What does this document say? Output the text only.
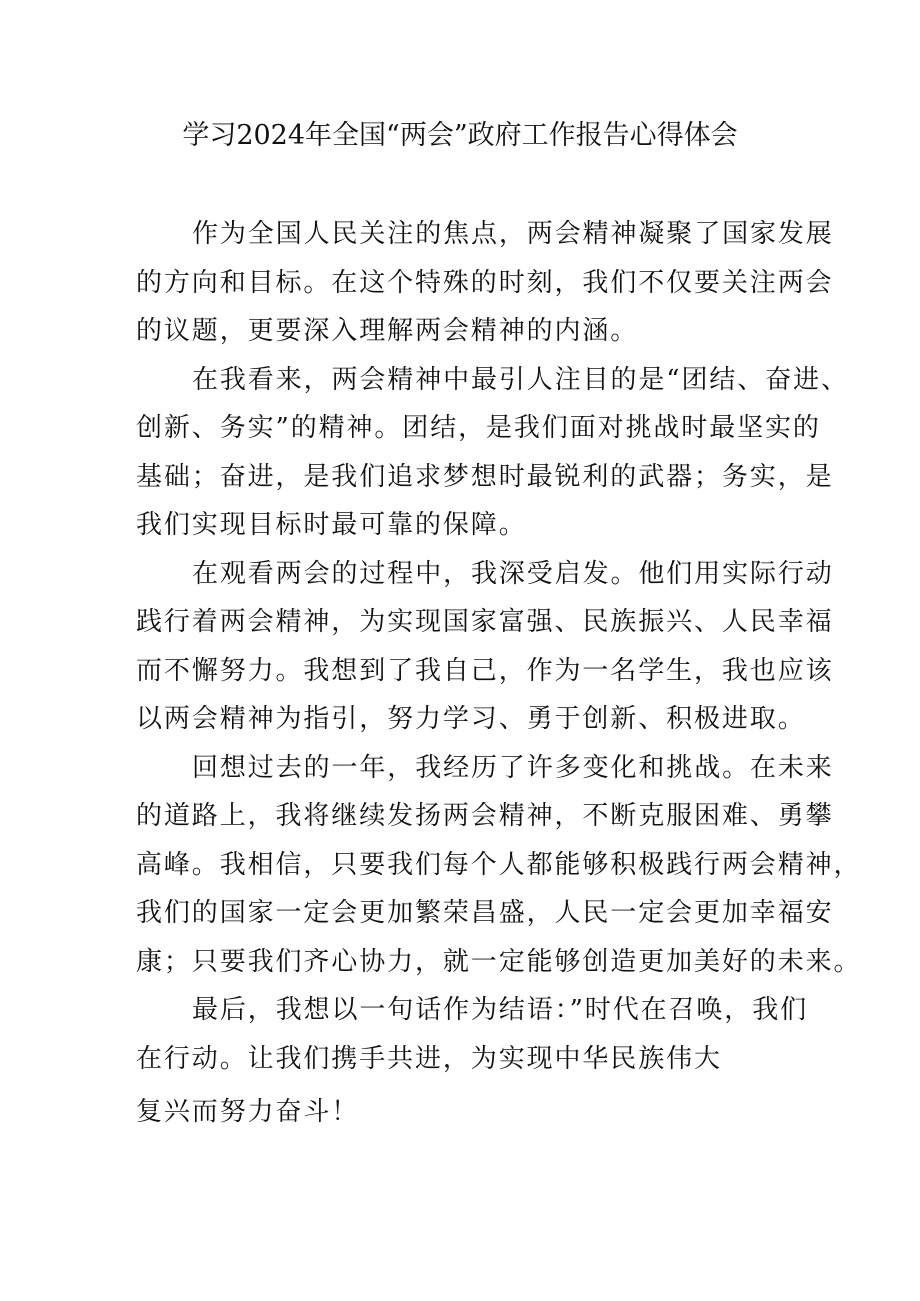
学习2024年全国“两会”政府工作报告心得体会
作为全国人民关注的焦点，两会精神凝聚了国家发展
的方向和目标。在这个特殊的时刻，我们不仅要关注两会
的议题，更要深入理解两会精神的内涵。
在我看来，两会精神中最引人注目的是“团结、奋进、
创新、务实”的精神。团结，是我们面对挑战时最坚实的
基础；奋进，是我们追求梦想时最锐利的武器；务实，是
我们实现目标时最可靠的保障。
在观看两会的过程中，我深受启发。他们用实际行动
践行着两会精神，为实现国家富强、民族振兴、人民幸福
而不懈努力。我想到了我自己，作为一名学生，我也应该
以两会精神为指引，努力学习、勇于创新、积极进取。
回想过去的一年，我经历了许多变化和挑战。在未来
的道路上，我将继续发扬两会精神，不断克服困难、勇攀
高峰。我相信，只要我们每个人都能够积极践行两会精神，
我们的国家一定会更加繁荣昌盛，人民一定会更加幸福安
康；只要我们齐心协力，就一定能够创造更加美好的未来。
最后，我想以一句话作为结语：”时代在召唤，我们
在行动。让我们携手共进，为实现中华民族伟大
复兴而努力奋斗！
